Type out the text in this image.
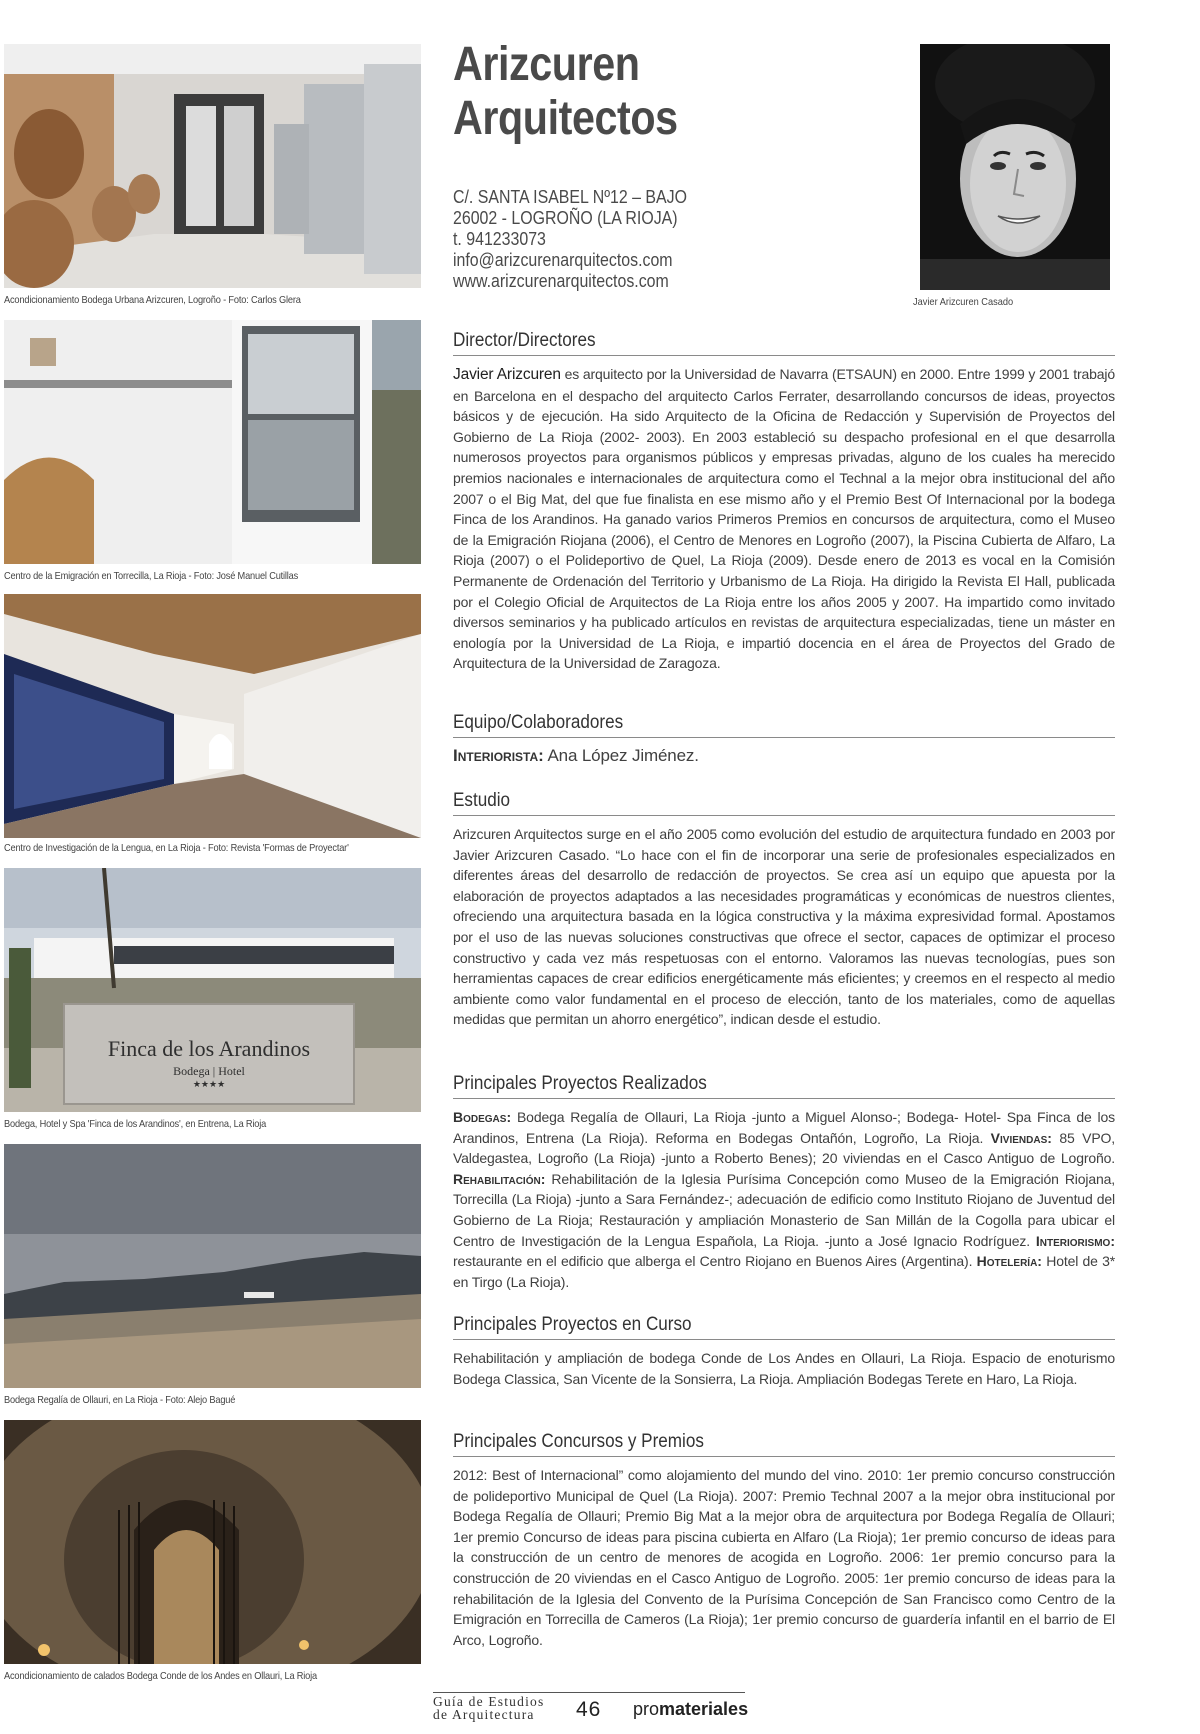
Acondicionamiento Bodega Urbana Arizcuren, Logroño - Foto: Carlos Glera
Centro de la Emigración en Torrecilla, La Rioja - Foto: José Manuel Cutillas
Centro de Investigación de la Lengua, en La Rioja - Foto: Revista 'Formas de Proyectar'
Finca de los Arandinos
Bodega | Hotel
★★★★
Bodega, Hotel y Spa 'Finca de los Arandinos', en Entrena, La Rioja
Bodega Regalía de Ollauri, en La Rioja - Foto: Alejo Bagué
Acondicionamiento de calados Bodega Conde de los Andes en Ollauri, La Rioja
Arizcuren
Arquitectos
C/. SANTA ISABEL Nº12 – BAJO
26002 - LOGROÑO (LA RIOJA)
t. 941233073
info@arizcurenarquitectos.com
www.arizcurenarquitectos.com
Javier Arizcuren Casado
Director/Directores

Javier Arizcuren es arquitecto por la Universidad de Navarra (ETSAUN) en 2000. Entre 1999 y 2001 trabajó en Barcelona en el despacho del arquitecto Carlos Ferrater, desarrollando concursos de ideas, proyectos básicos y de ejecución. Ha sido Arquitecto de la Oficina de Redacción y Supervisión de Proyectos del Gobierno de La Rioja (2002- 2003). En 2003 estableció su despacho profesional en el que desarrolla numerosos proyectos para organismos públicos y empresas privadas, alguno de los cuales ha merecido premios nacionales e internacionales de arquitectura como el Technal a la mejor obra institucional del año 2007 o el Big Mat, del que fue finalista en ese mismo año y el Premio Best Of Internacional por la bodega Finca de los Arandinos. Ha ganado varios Primeros Premios en concursos de arquitectura, como el Museo de la Emigración Riojana (2006), el Centro de Menores en Logroño (2007), la Piscina Cubierta de Alfaro, La Rioja (2007) o el Polideportivo de Quel, La Rioja (2009). Desde enero de 2013 es vocal en la Comisión Permanente de Ordenación del Territorio y Urbanismo de La Rioja. Ha dirigido la Revista El Hall, publicada por el Colegio Oficial de Arquitectos de La Rioja entre los años 2005 y 2007. Ha impartido como invitado diversos seminarios y ha publicado artículos en revistas de arquitectura especializadas, tiene un máster en enología por la Universidad de La Rioja, e impartió docencia en el área de Proyectos del Grado de Arquitectura de la Universidad de Zaragoza.

Equipo/Colaboradores

Interiorista: Ana López Jiménez.

Estudio

Arizcuren Arquitectos surge en el año 2005 como evolución del estudio de arquitectura fundado en 2003 por Javier Arizcuren Casado. “Lo hace con el fin de incorporar una serie de profesionales especializados en diferentes áreas del desarrollo de redacción de proyectos. Se crea así un equipo que apuesta por la elaboración de proyectos adaptados a las necesidades programáticas y económicas de nuestros clientes, ofreciendo una arquitectura basada en la lógica constructiva y la máxima expresividad formal. Apostamos por el uso de las nuevas soluciones constructivas que ofrece el sector, capaces de optimizar el proceso constructivo y cada vez más respetuosas con el entorno. Valoramos las nuevas tecnologías, pues son herramientas capaces de crear edificios energéticamente más eficientes; y creemos en el respecto al medio ambiente como valor fundamental en el proceso de elección, tanto de los materiales, como de aquellas medidas que permitan un ahorro energético”, indican desde el estudio.

Principales Proyectos Realizados

Bodegas: Bodega Regalía de Ollauri, La Rioja -junto a Miguel Alonso-; Bodega- Hotel- Spa Finca de los Arandinos, Entrena (La Rioja). Reforma en Bodegas Ontañón, Logroño, La Rioja. Viviendas: 85 VPO, Valdegastea, Logroño (La Rioja) -junto a Roberto Benes); 20 viviendas en el Casco Antiguo de Logroño. Rehabilitación: Rehabilitación de la Iglesia Purísima Concepción como Museo de la Emigración Riojana, Torrecilla (La Rioja) -junto a Sara Fernández-; adecuación de edificio como Instituto Riojano de Juventud del Gobierno de La Rioja; Restauración y ampliación Monasterio de San Millán de la Cogolla para ubicar el Centro de Investigación de la Lengua Española, La Rioja. -junto a José Ignacio Rodríguez. Interiorismo: restaurante en el edificio que alberga el Centro Riojano en Buenos Aires (Argentina). Hotelería: Hotel de 3* en Tirgo (La Rioja).

Principales Proyectos en Curso

Rehabilitación y ampliación de bodega Conde de Los Andes en Ollauri, La Rioja. Espacio de enoturismo Bodega Classica, San Vicente de la Sonsierra, La Rioja. Ampliación Bodegas Terete en Haro, La Rioja.

Principales Concursos y Premios

2012: Best of Internacional” como alojamiento del mundo del vino. 2010: 1er premio concurso construcción de polideportivo Municipal de Quel (La Rioja). 2007: Premio Technal 2007 a la mejor obra institucional por Bodega Regalía de Ollauri; Premio Big Mat a la mejor obra de arquitectura por Bodega Regalía de Ollauri; 1er premio Concurso de ideas para piscina cubierta en Alfaro (La Rioja); 1er premio concurso de ideas para la construcción de un centro de menores de acogida en Logroño. 2006: 1er premio concurso para la construcción de 20 viviendas en el Casco Antiguo de Logroño. 2005: 1er premio concurso de ideas para la rehabilitación de la Iglesia del Convento de la Purísima Concepción de San Francisco como Centro de la Emigración en Torrecilla de Cameros (La Rioja); 1er premio concurso de guardería infantil en el barrio de El Arco, Logroño.

Guía de Estudios
de Arquitectura 46 promateriales
